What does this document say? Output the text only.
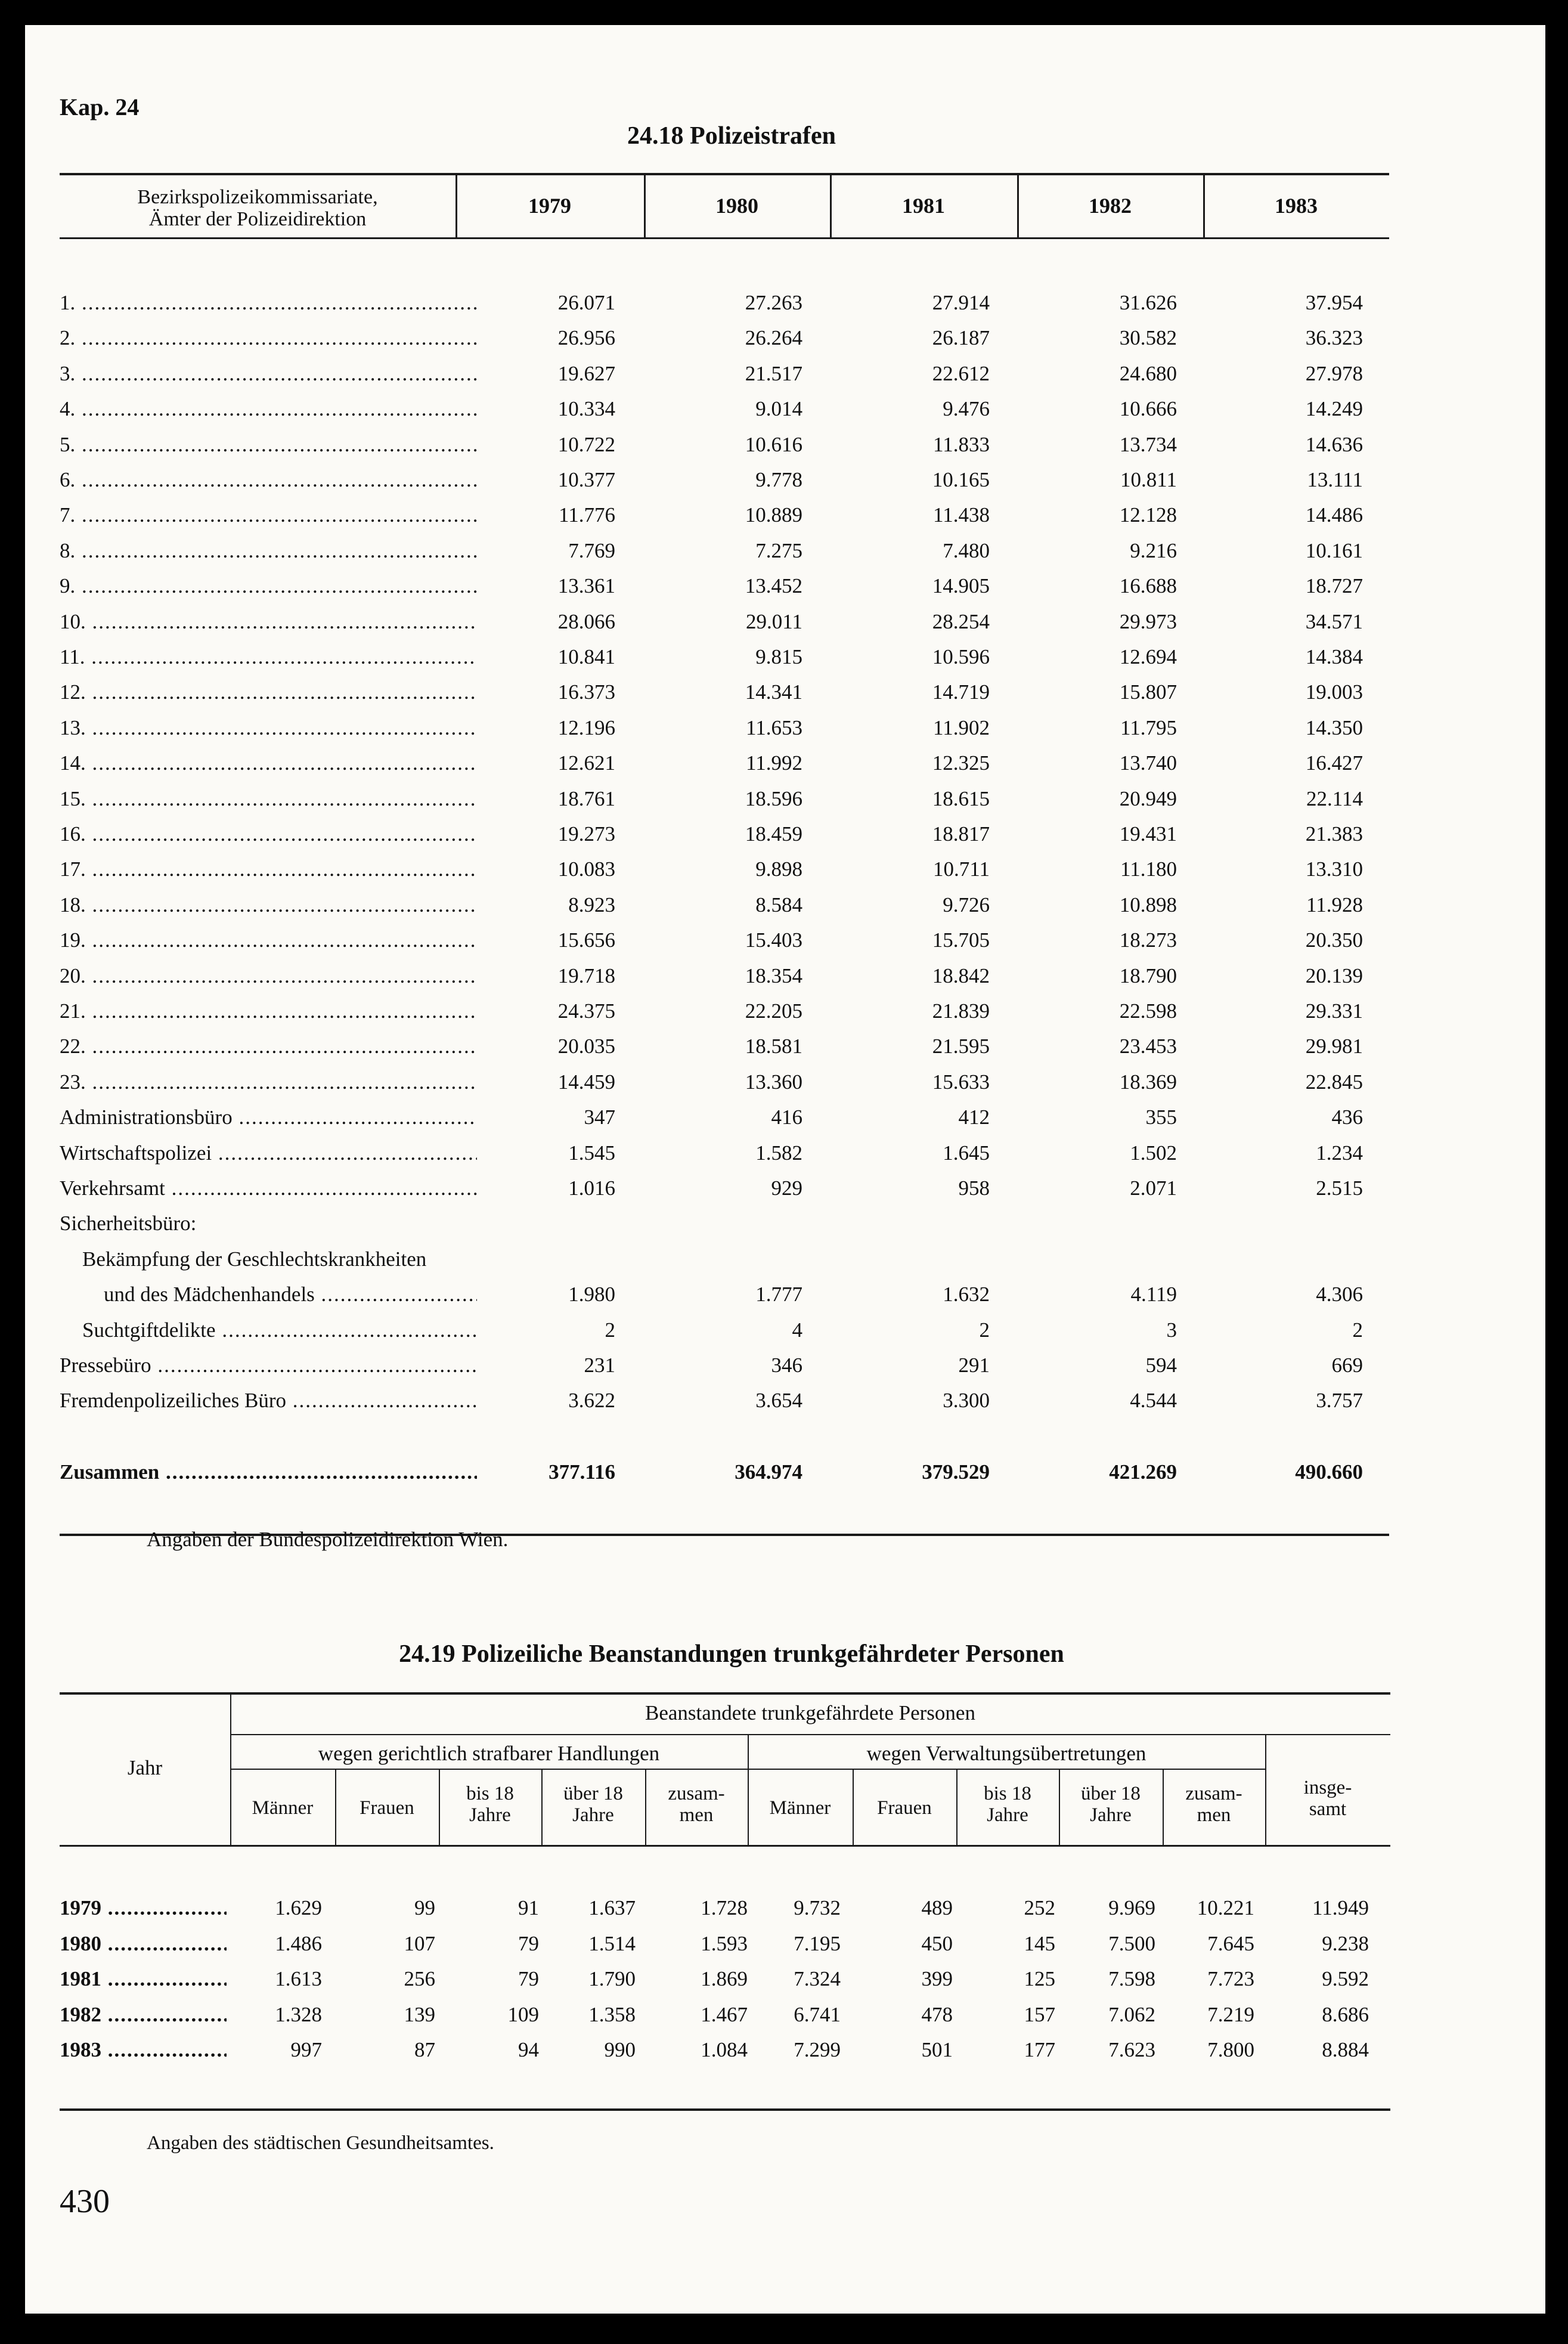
Kap. 24
24.18 Polizeistrafen
Bezirkspolizeikommissariate,
Ämter der Polizeidirektion
1979	1980	1981	1982	1983
1. .....	26.071	27.263	27.914	31.626	37.954
2. .....	26.956	26.264	26.187	30.582	36.323
3. .....	19.627	21.517	22.612	24.680	27.978
4. .....	10.334	9.014	9.476	10.666	14.249
5. .....	10.722	10.616	11.833	13.734	14.636
6. .....	10.377	9.778	10.165	10.811	13.111
7. .....	11.776	10.889	11.438	12.128	14.486
8. .....	7.769	7.275	7.480	9.216	10.161
9. .....	13.361	13.452	14.905	16.688	18.727
10. .....	28.066	29.011	28.254	29.973	34.571
11. .....	10.841	9.815	10.596	12.694	14.384
12. .....	16.373	14.341	14.719	15.807	19.003
13. .....	12.196	11.653	11.902	11.795	14.350
14. .....	12.621	11.992	12.325	13.740	16.427
15. .....	18.761	18.596	18.615	20.949	22.114
16. .....	19.273	18.459	18.817	19.431	21.383
17. .....	10.083	9.898	10.711	11.180	13.310
18. .....	8.923	8.584	9.726	10.898	11.928
19. .....	15.656	15.403	15.705	18.273	20.350
20. .....	19.718	18.354	18.842	18.790	20.139
21. .....	24.375	22.205	21.839	22.598	29.331
22. .....	20.035	18.581	21.595	23.453	29.981
23. .....	14.459	13.360	15.633	18.369	22.845
Administrationsbüro .....	347	416	412	355	436
Wirtschaftspolizei .....	1.545	1.582	1.645	1.502	1.234
Verkehrsamt .....	1.016	929	958	2.071	2.515
Sicherheitsbüro:
Bekämpfung der Geschlechtskrankheiten
und des Mädchenhandels .....	1.980	1.777	1.632	4.119	4.306
Suchtgiftdelikte .....	2	4	2	3	2
Pressebüro .....	231	346	291	594	669
Fremdenpolizeiliches Büro .....	3.622	3.654	3.300	4.544	3.757
Zusammen .....	377.116	364.974	379.529	421.269	490.660
Angaben der Bundespolizeidirektion Wien.
24.19 Polizeiliche Beanstandungen trunkgefährdeter Personen
Jahr
Beanstandete trunkgefährdete Personen
wegen gerichtlich strafbarer Handlungen	wegen Verwaltungsübertretungen
insge-
samt
Männer	Frauen
bis 18
Jahre
über 18
Jahre
zusam-
men	Männer	Frauen
bis 18
Jahre
über 18
Jahre
zusam-
men
1979 .....	1.629	99	91	1.637	1.728	9.732	489	252	9.969	10.221	11.949
1980 .....	1.486	107	79	1.514	1.593	7.195	450	145	7.500	7.645	9.238
1981 .....	1.613	256	79	1.790	1.869	7.324	399	125	7.598	7.723	9.592
1982 .....	1.328	139	109	1.358	1.467	6.741	478	157	7.062	7.219	8.686
1983 .....	997	87	94	990	1.084	7.299	501	177	7.623	7.800	8.884
Angaben des städtischen Gesundheitsamtes.
430
